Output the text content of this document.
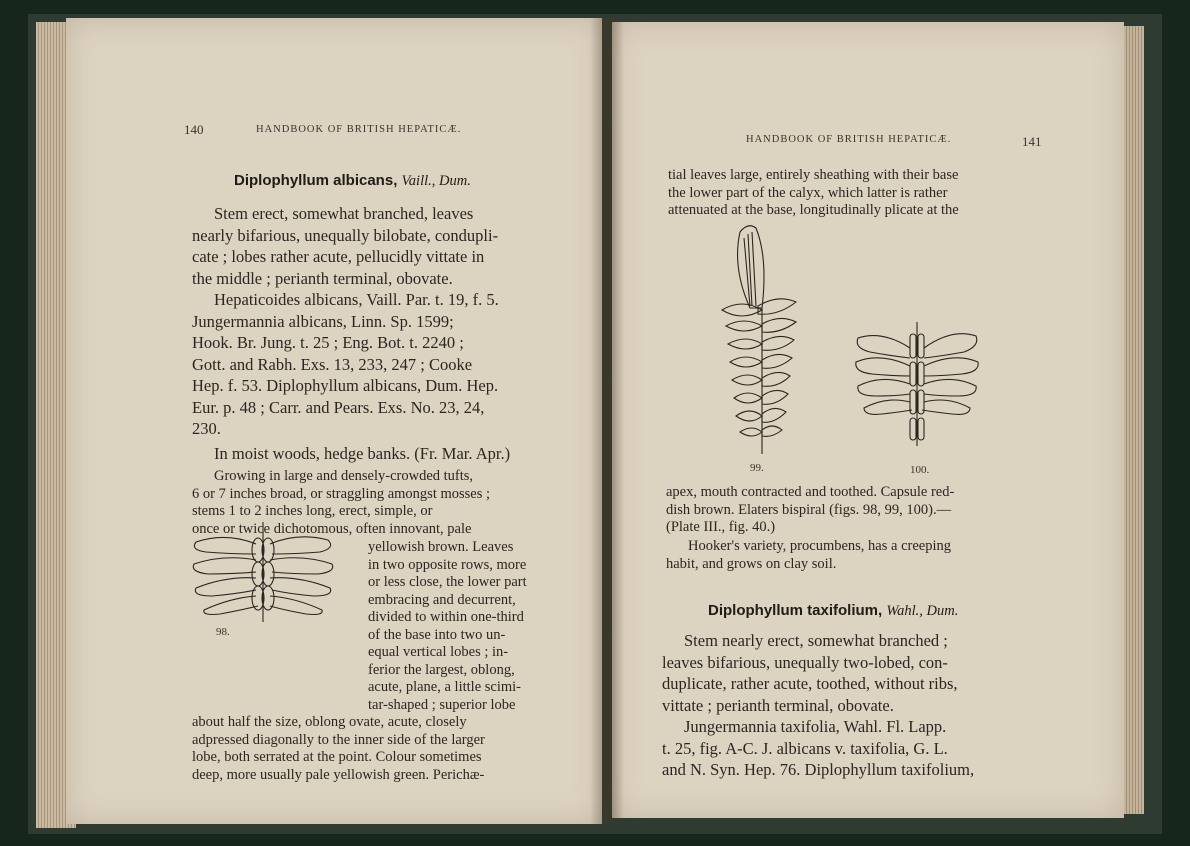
140	HANDBOOK OF BRITISH HEPATICÆ.
Diplophyllum albicans, Vaill., Dum.
Stem erect, somewhat branched, leaves
nearly bifarious, unequally bilobate, condupli-
cate ; lobes rather acute, pellucidly vittate in
the middle ; perianth terminal, obovate.
Hepaticoides albicans, Vaill. Par. t. 19, f. 5.
Jungermannia albicans, Linn. Sp. 1599;
Hook. Br. Jung. t. 25 ; Eng. Bot. t. 2240 ;
Gott. and Rabh. Exs. 13, 233, 247 ; Cooke
Hep. f. 53. Diplophyllum albicans, Dum. Hep.
Eur. p. 48 ; Carr. and Pears. Exs. No. 23, 24,
230.
In moist woods, hedge banks. (Fr. Mar. Apr.)
Growing in large and densely-crowded tufts,
6 or 7 inches broad, or straggling amongst mosses ;
stems 1 to 2 inches long, erect, simple, or
once or twice dichotomous, often innovant, pale
98.
yellowish brown. Leaves
in two opposite rows, more
or less close, the lower part
embracing and decurrent,
divided to within one-third
of the base into two un-
equal vertical lobes ; in-
ferior the largest, oblong,
acute, plane, a little scimi-
tar-shaped ; superior lobe
about half the size, oblong ovate, acute, closely
adpressed diagonally to the inner side of the larger
lobe, both serrated at the point. Colour sometimes
deep, more usually pale yellowish green. Perichæ-
HANDBOOK OF BRITISH HEPATICÆ.	141
tial leaves large, entirely sheathing with their base
the lower part of the calyx, which latter is rather
attenuated at the base, longitudinally plicate at the
99.	100.
apex, mouth contracted and toothed. Capsule red-
dish brown. Elaters bispiral (figs. 98, 99, 100).—
(Plate III., fig. 40.)
Hooker's variety, procumbens, has a creeping
habit, and grows on clay soil.
Diplophyllum taxifolium, Wahl., Dum.
Stem nearly erect, somewhat branched ;
leaves bifarious, unequally two-lobed, con-
duplicate, rather acute, toothed, without ribs,
vittate ; perianth terminal, obovate.
Jungermannia taxifolia, Wahl. Fl. Lapp.
t. 25, fig. A-C. J. albicans v. taxifolia, G. L.
and N. Syn. Hep. 76. Diplophyllum taxifolium,
